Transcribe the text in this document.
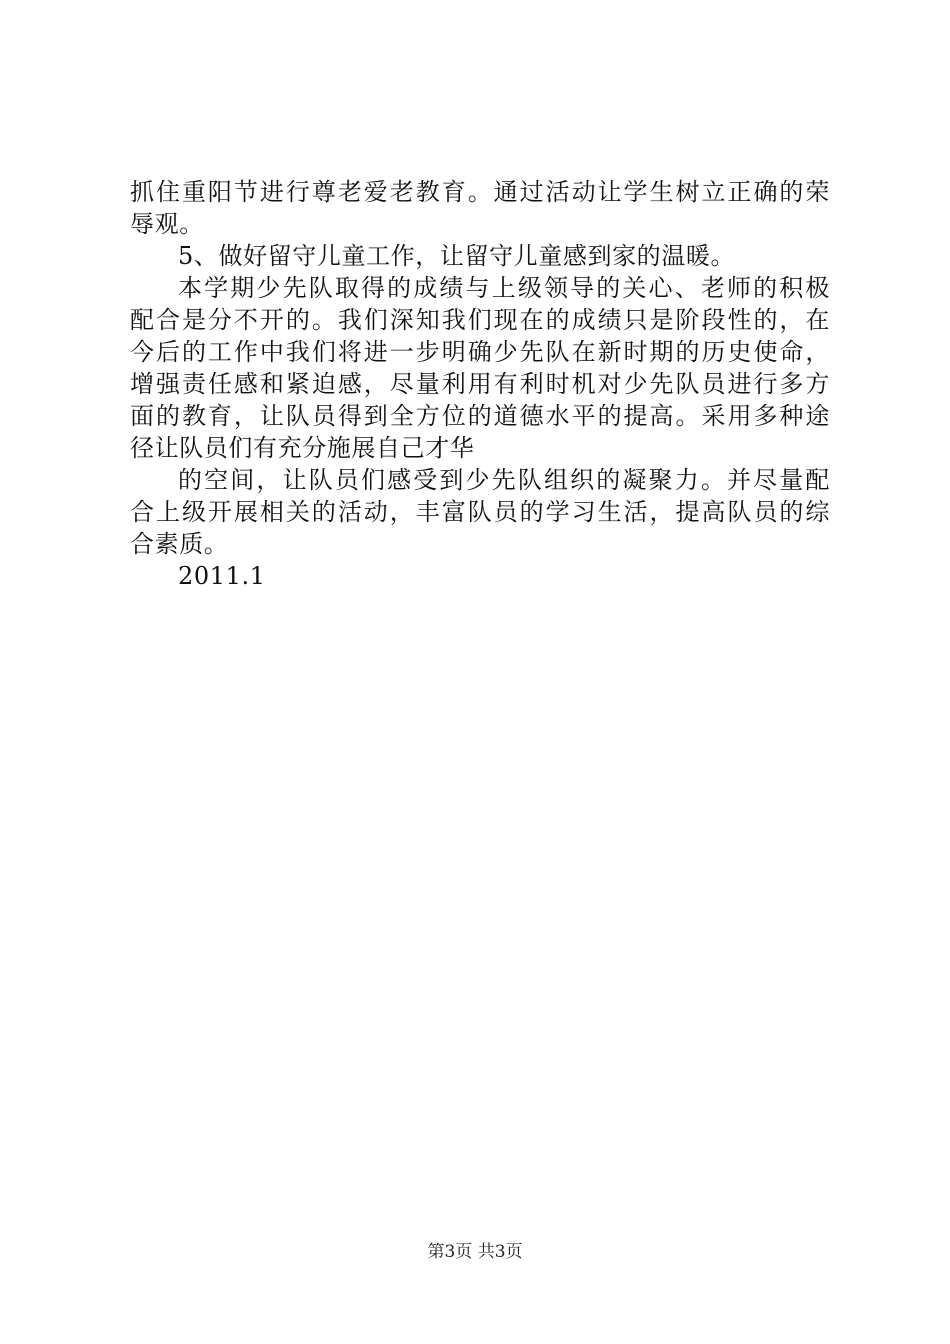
抓住重阳节进行尊老爱老教育。通过活动让学生树立正确的荣
辱观。
5、做好留守儿童工作，让留守儿童感到家的温暖。
本学期少先队取得的成绩与上级领导的关心、老师的积极
配合是分不开的。我们深知我们现在的成绩只是阶段性的，在
今后的工作中我们将进一步明确少先队在新时期的历史使命，
增强责任感和紧迫感，尽量利用有利时机对少先队员进行多方
面的教育，让队员得到全方位的道德水平的提高。采用多种途
径让队员们有充分施展自己才华
的空间，让队员们感受到少先队组织的凝聚力。并尽量配
合上级开展相关的活动，丰富队员的学习生活，提高队员的综
合素质。
2011.1
第3页 共3页
